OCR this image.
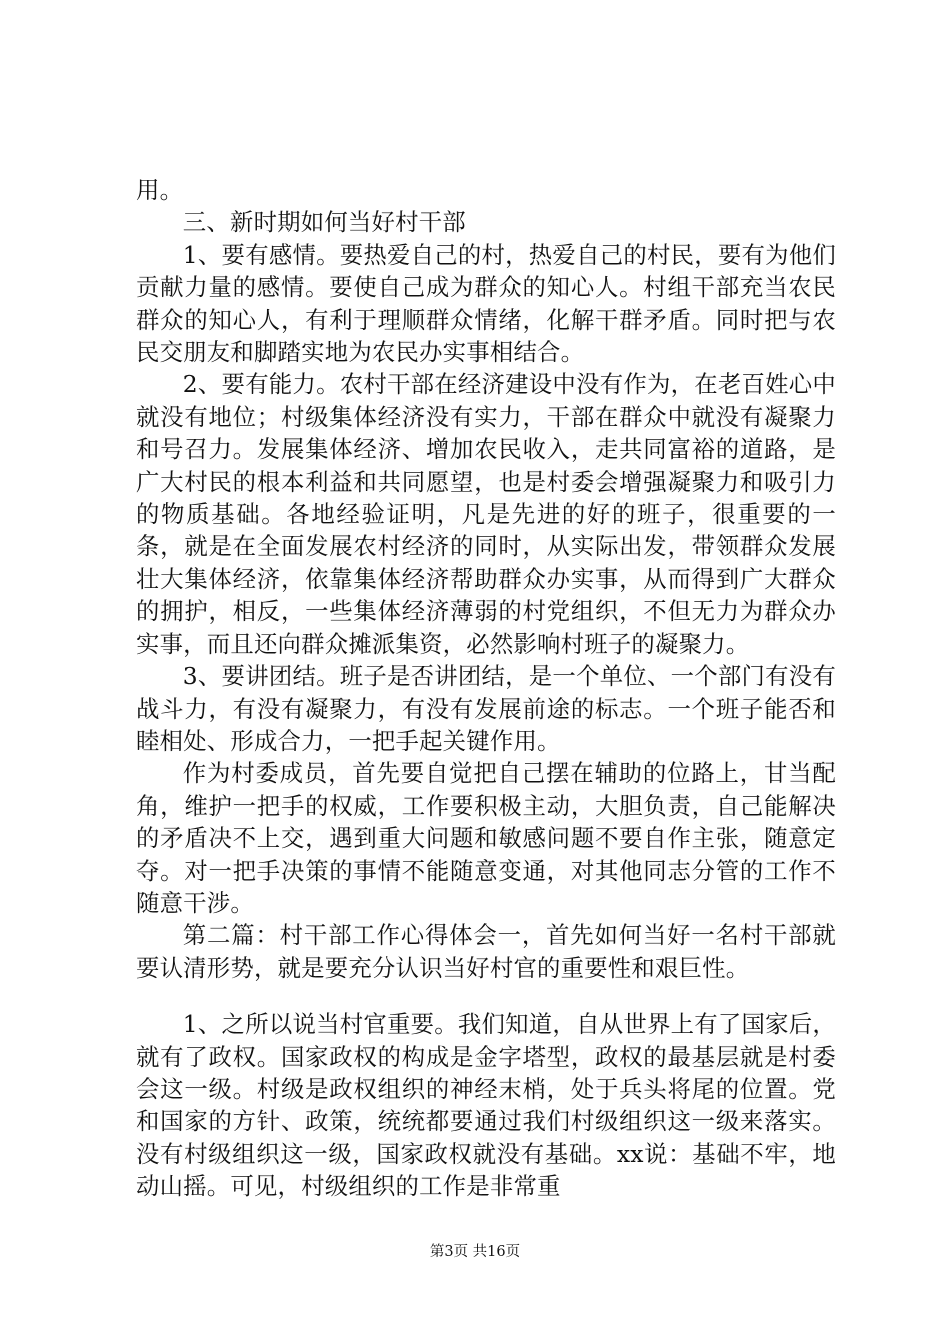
用。

三、新时期如何当好村干部

1、要有感情。要热爱自己的村，热爱自己的村民，要有为他们贡献力量的感情。要使自己成为群众的知心人。村组干部充当农民群众的知心人，有利于理顺群众情绪，化解干群矛盾。同时把与农民交朋友和脚踏实地为农民办实事相结合。

2、要有能力。农村干部在经济建设中没有作为，在老百姓心中就没有地位；村级集体经济没有实力，干部在群众中就没有凝聚力和号召力。发展集体经济、增加农民收入，走共同富裕的道路，是广大村民的根本利益和共同愿望，也是村委会增强凝聚力和吸引力的物质基础。各地经验证明，凡是先进的好的班子，很重要的一条，就是在全面发展农村经济的同时，从实际出发，带领群众发展壮大集体经济，依靠集体经济帮助群众办实事，从而得到广大群众的拥护，相反，一些集体经济薄弱的村党组织，不但无力为群众办实事，而且还向群众摊派集资，必然影响村班子的凝聚力。

3、要讲团结。班子是否讲团结，是一个单位、一个部门有没有战斗力，有没有凝聚力，有没有发展前途的标志。一个班子能否和睦相处、形成合力，一把手起关键作用。

作为村委成员，首先要自觉把自己摆在辅助的位路上，甘当配角，维护一把手的权威，工作要积极主动，大胆负责，自己能解决的矛盾决不上交，遇到重大问题和敏感问题不要自作主张，随意定夺。对一把手决策的事情不能随意变通，对其他同志分管的工作不随意干涉。

第二篇：村干部工作心得体会一，首先如何当好一名村干部就要认清形势，就是要充分认识当好村官的重要性和艰巨性。

1、之所以说当村官重要。我们知道，自从世界上有了国家后，就有了政权。国家政权的构成是金字塔型，政权的最基层就是村委会这一级。村级是政权组织的神经末梢，处于兵头将尾的位置。党和国家的方针、政策，统统都要通过我们村级组织这一级来落实。没有村级组织这一级，国家政权就没有基础。xx说：基础不牢，地动山摇。可见，村级组织的工作是非常重

第3页 共16页
